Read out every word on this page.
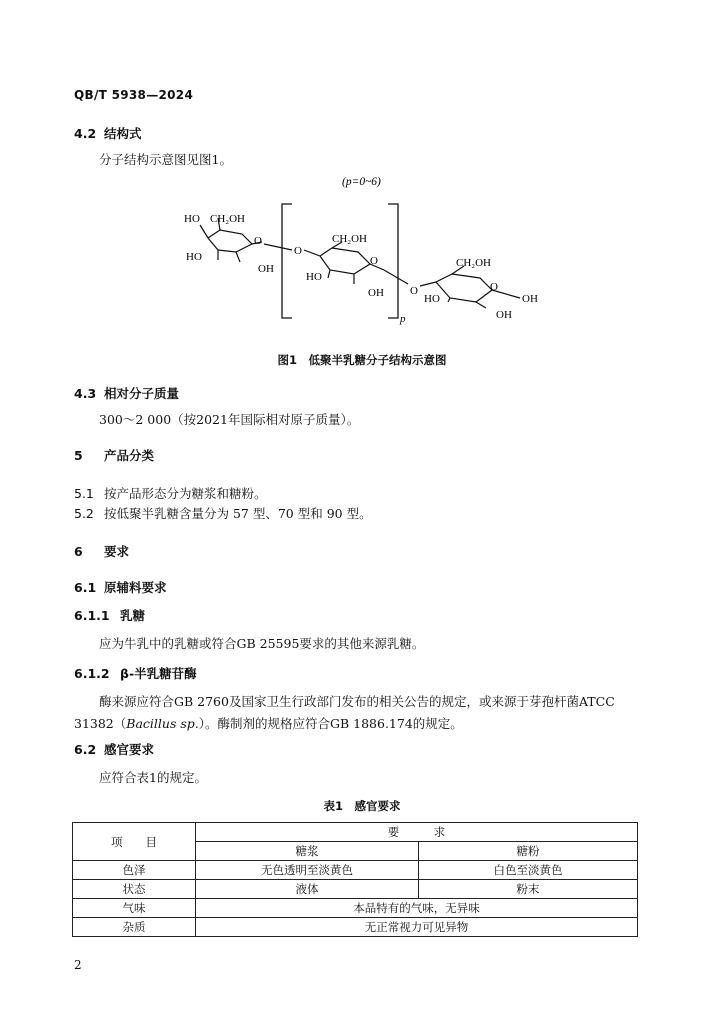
QB/T 5938—2024
4.2 结构式
分子结构示意图见图1。
(p=0~6)
HO CH₂OH
HO
O
OH
O
CH₂OH
HO
O
OH
p
O
CH₂OH
HO
O
OH
OH
图1　低聚半乳糖分子结构示意图
4.3 相对分子质量
300～2 000（按2021年国际相对原子质量）。
5 产品分类
5.1 按产品形态分为糖浆和糖粉。
5.2 按低聚半乳糖含量分为 57 型、70 型和 90 型。
6 要求
6.1 原辅料要求
6.1.1 乳糖
应为牛乳中的乳糖或符合GB 25595要求的其他来源乳糖。
6.1.2 β-半乳糖苷酶
酶来源应符合GB 2760及国家卫生行政部门发布的相关公告的规定，或来源于芽孢杆菌ATCC
31382（Bacillus sp.）。酶制剂的规格应符合GB 1886.174的规定。
6.2 感官要求
应符合表1的规定。
表1　感官要求
项　　目	要　　　求	
	糖浆	糖粉
色泽	无色透明至淡黄色	白色至淡黄色
状态	液体	粉末
气味	本品特有的气味，无异味	
杂质	无正常视力可见异物	
2
